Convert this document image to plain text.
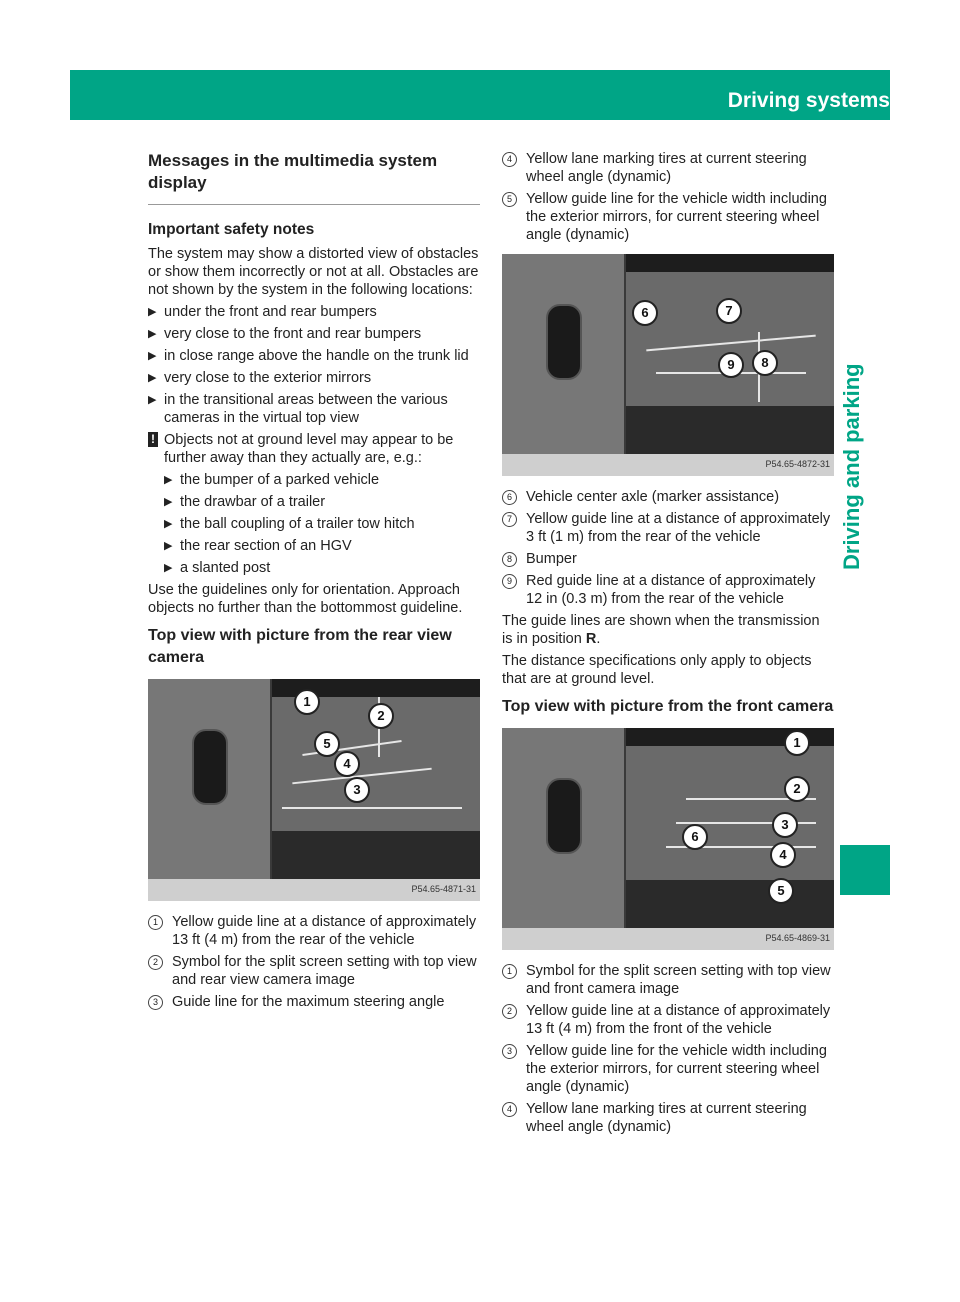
Driving systems	183
Driving and parking
Messages in the multimedia system display
Important safety notes

The system may show a distorted view of obstacles or show them incorrectly or not at all. Obstacles are not shown by the system in the following locations:

▶ under the front and rear bumpers
▶ very close to the front and rear bumpers
▶ in close range above the handle on the trunk lid
▶ very close to the exterior mirrors
▶ in the transitional areas between the various cameras in the virtual top view
! Objects not at ground level may appear to be further away than they actually are, e.g.:
▶ the bumper of a parked vehicle
▶ the drawbar of a trailer
▶ the ball coupling of a trailer tow hitch
▶ the rear section of an HGV
▶ a slanted post

Use the guidelines only for orientation. Approach objects no further than the bottommost guideline.

Top view with picture from the rear view camera
1
2
5
4
3
P54.65-4871-31
1 Yellow guide line at a distance of approximately 13 ft (4 m) from the rear of the vehicle
2 Symbol for the split screen setting with top view and rear view camera image
3 Guide line for the maximum steering angle
4 Yellow lane marking tires at current steering wheel angle (dynamic)
5 Yellow guide line for the vehicle width including the exterior mirrors, for current steering wheel angle (dynamic)
6	7
9	8
P54.65-4872-31
6 Vehicle center axle (marker assistance)
7 Yellow guide line at a distance of approximately 3 ft (1 m) from the rear of the vehicle
8 Bumper
9 Red guide line at a distance of approximately 12 in (0.3 m) from the rear of the vehicle

The guide lines are shown when the transmission is in position R.

The distance specifications only apply to objects that are at ground level.

Top view with picture from the front camera
1
2
3
6
4
5
P54.65-4869-31
1 Symbol for the split screen setting with top view and front camera image
2 Yellow guide line at a distance of approximately 13 ft (4 m) from the front of the vehicle
3 Yellow guide line for the vehicle width including the exterior mirrors, for current steering wheel angle (dynamic)
4 Yellow lane marking tires at current steering wheel angle (dynamic)
